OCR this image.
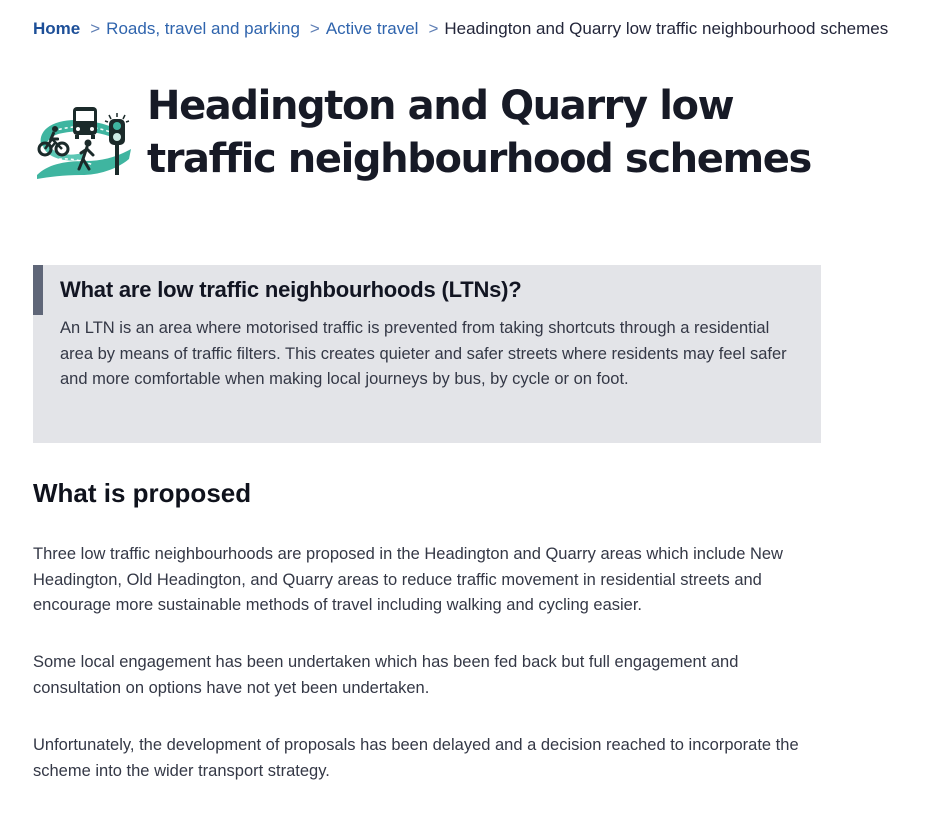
Home > Roads, travel and parking > Active travel > Headington and Quarry low traffic neighbourhood schemes
Headington and Quarry low traffic neighbourhood schemes
What are low traffic neighbourhoods (LTNs)?

An LTN is an area where motorised traffic is prevented from taking shortcuts through a residential area by means of traffic filters. This creates quieter and safer streets where residents may feel safer and more comfortable when making local journeys by bus, by cycle or on foot.

What is proposed

Three low traffic neighbourhoods are proposed in the Headington and Quarry areas which include New Headington, Old Headington, and Quarry areas to reduce traffic movement in residential streets and encourage more sustainable methods of travel including walking and cycling easier.

Some local engagement has been undertaken which has been fed back but full engagement and consultation on options have not yet been undertaken.

Unfortunately, the development of proposals has been delayed and a decision reached to incorporate the scheme into the wider transport strategy.
